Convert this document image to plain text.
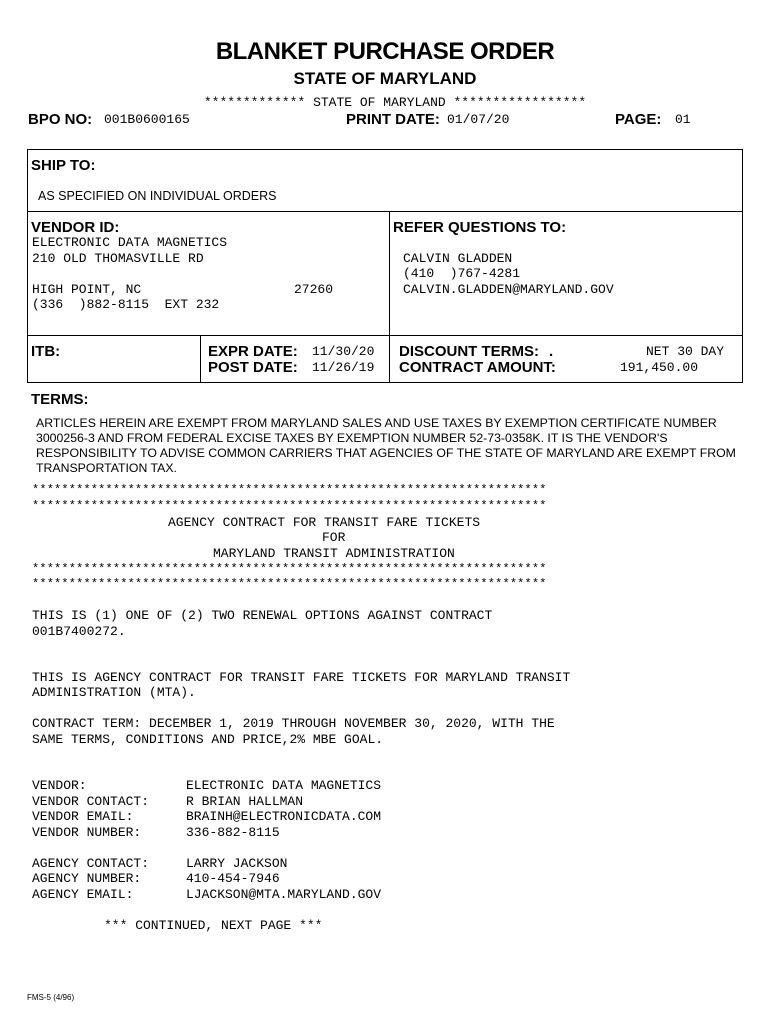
BLANKET PURCHASE ORDER
STATE OF MARYLAND
************* STATE OF MARYLAND *****************
BPO NO: 001B0600165	PRINT DATE: 01/07/20	PAGE: 01
SHIP TO:
AS SPECIFIED ON INDIVIDUAL ORDERS
VENDOR ID:
ELECTRONIC DATA MAGNETICS
210 OLD THOMASVILLE RD
HIGH POINT, NC	27260
(336  )882-8115  EXT 232
REFER QUESTIONS TO:
CALVIN GLADDEN
(410  )767-4281
CALVIN.GLADDEN@MARYLAND.GOV
ITB:	EXPR DATE: 11/30/20
POST DATE: 11/26/19
DISCOUNT TERMS: .	NET 30 DAY
CONTRACT AMOUNT:	191,450.00
TERMS:
ARTICLES HEREIN ARE EXEMPT FROM MARYLAND SALES AND USE TAXES BY EXEMPTION CERTIFICATE NUMBER 3000256-3 AND FROM FEDERAL EXCISE TAXES BY EXEMPTION NUMBER 52-73-0358K. IT IS THE VENDOR'S RESPONSIBILITY TO ADVISE COMMON CARRIERS THAT AGENCIES OF THE STATE OF MARYLAND ARE EXEMPT FROM TRANSPORTATION TAX.
**********************************************************************
**********************************************************************
AGENCY CONTRACT FOR TRANSIT FARE TICKETS
FOR
MARYLAND TRANSIT ADMINISTRATION
**********************************************************************
**********************************************************************
THIS IS (1) ONE OF (2) TWO RENEWAL OPTIONS AGAINST CONTRACT
001B7400272.
THIS IS AGENCY CONTRACT FOR TRANSIT FARE TICKETS FOR MARYLAND TRANSIT
ADMINISTRATION (MTA).
CONTRACT TERM: DECEMBER 1, 2019 THROUGH NOVEMBER 30, 2020, WITH THE
SAME TERMS, CONDITIONS AND PRICE,2% MBE GOAL.
VENDOR:	ELECTRONIC DATA MAGNETICS
VENDOR CONTACT:	R BRIAN HALLMAN
VENDOR EMAIL:	BRAINH@ELECTRONICDATA.COM
VENDOR NUMBER:	336-882-8115
AGENCY CONTACT:	LARRY JACKSON
AGENCY NUMBER:	410-454-7946
AGENCY EMAIL:	LJACKSON@MTA.MARYLAND.GOV
*** CONTINUED, NEXT PAGE ***
FMS-5 (4/96)
